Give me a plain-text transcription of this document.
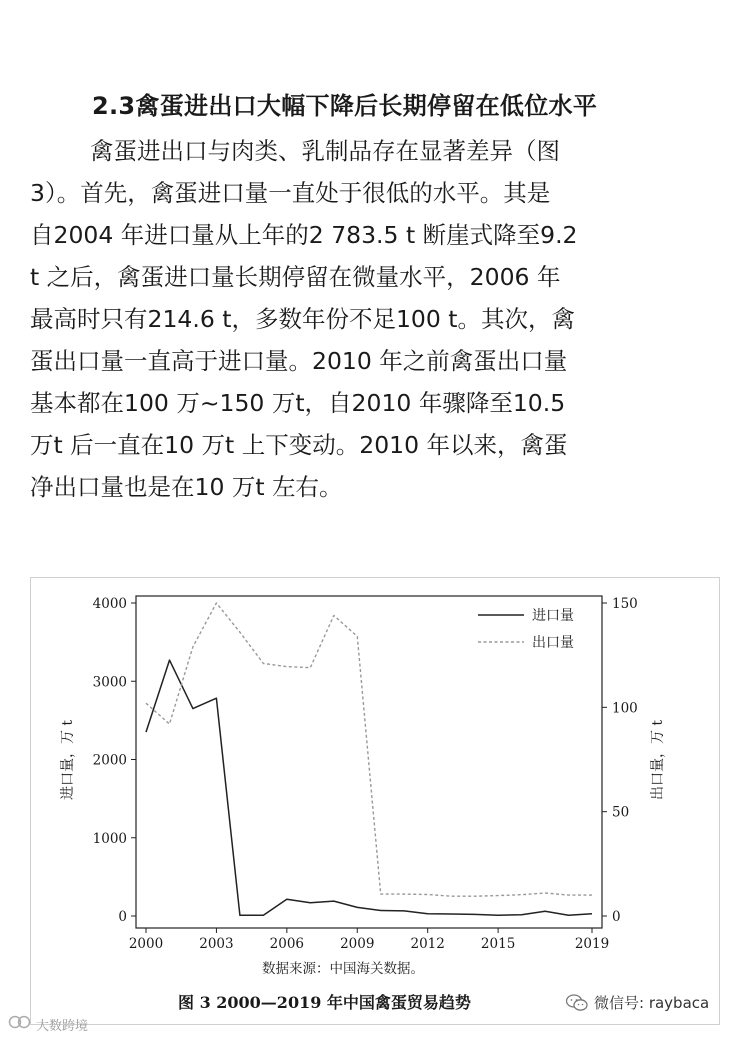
2.3禽蛋进出口大幅下降后长期停留在低位水平

禽蛋进出口与肉类、乳制品存在显著差异（图
3）。首先，禽蛋进口量一直处于很低的水平。其是
自2004 年进口量从上年的2 783.5 t 断崖式降至9.2
t 之后，禽蛋进口量长期停留在微量水平，2006 年
最高时只有214.6 t，多数年份不足100 t。其次，禽
蛋出口量一直高于进口量。2010 年之前禽蛋出口量
基本都在100 万~150 万t，自2010 年骤降至10.5
万t 后一直在10 万t 上下变动。2010 年以来，禽蛋
净出口量也是在10 万t 左右。

0
1000
2000
3000
4000
0
50
100
150
2000	2003	2006	2009	2012	2015	2019
进口量
出口量
进口量，万 t	出口量，万 t
数据来源：中国海关数据。
图 3 2000—2019 年中国禽蛋贸易趋势	微信号: raybaca
大数跨境
